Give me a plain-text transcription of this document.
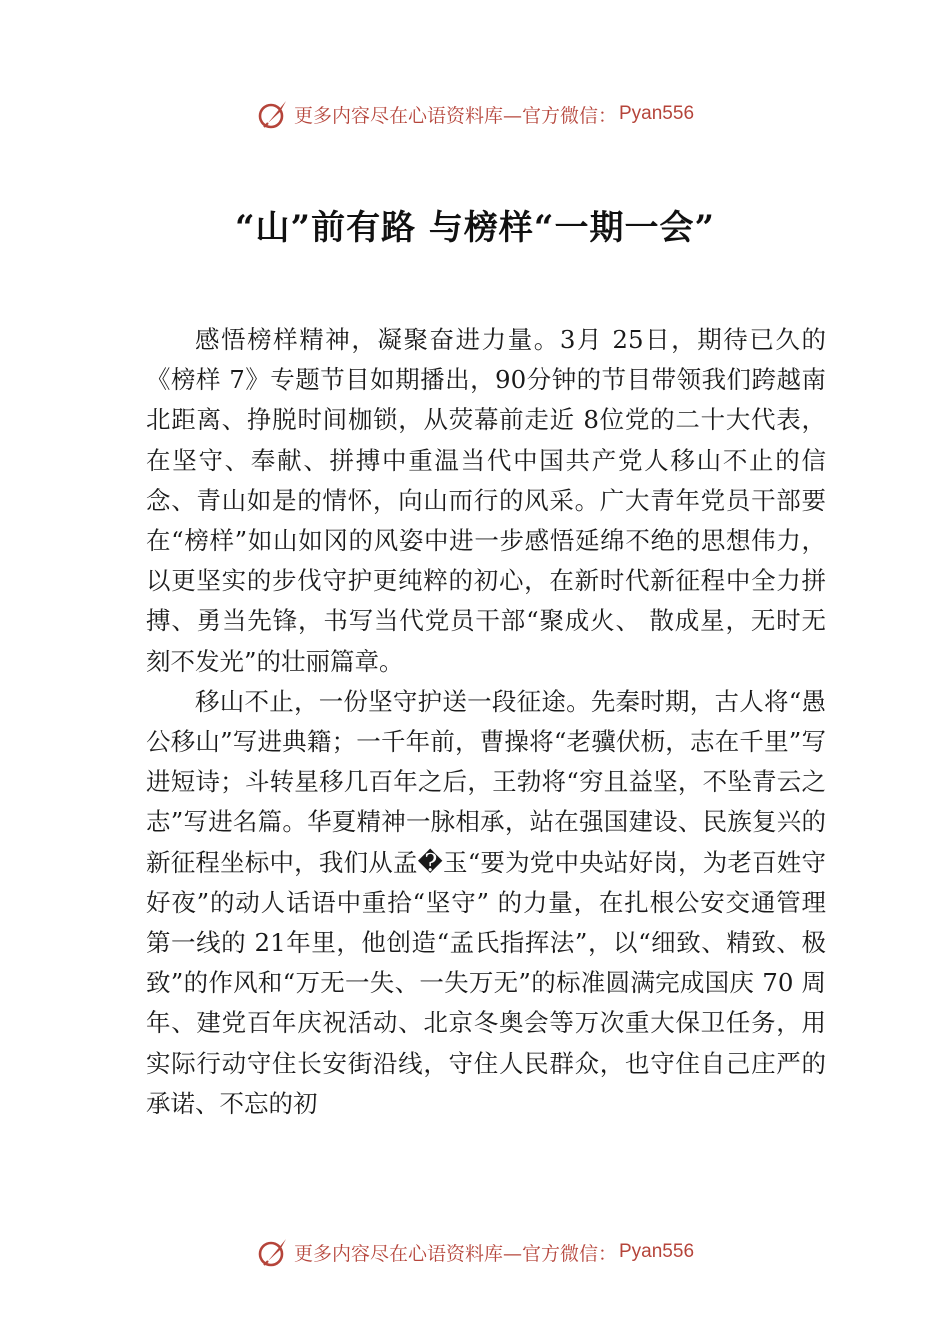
更多内容尽在心语资料库—官方微信： Pyan556
“山”前有路 与榜样“一期一会”

感悟榜样精神，凝聚奋进力量。3月 25日，期待已久的《榜样 7》专题节目如期播出，90分钟的节目带领我们跨越南北距离、挣脱时间枷锁，从荧幕前走近 8位党的二十大代表，在坚守、奉献、拼搏中重温当代中国共产党人移山不止的信念、青山如是的情怀，向山而行的风采。广大青年党员干部要在“榜样”如山如冈的风姿中进一步感悟延绵不绝的思想伟力，以更坚实的步伐守护更纯粹的初心，在新时代新征程中全力拼搏、勇当先锋，书写当代党员干部“聚成火、 散成星，无时无刻不发光”的壮丽篇章。

移山不止，一份坚守护送一段征途。先秦时期，古人将“愚公移山”写进典籍；一千年前，曹操将“老骥伏枥，志在千里”写进短诗；斗转星移几百年之后，王勃将“穷且益坚，不坠青云之志”写进名篇。华夏精神一脉相承，站在强国建设、民族复兴的新征程坐标中，我们从孟�玉“要为党中央站好岗，为老百姓守好夜”的动人话语中重拾“坚守” 的力量，在扎根公安交通管理第一线的 21年里，他创造“孟氏指挥法”，以“细致、精致、极致”的作风和“万无一失、一失万无”的标准圆满完成国庆 70 周年、建党百年庆祝活动、北京冬奥会等万次重大保卫任务，用实际行动守住长安街沿线，守住人民群众，也守住自己庄严的承诺、不忘的初

更多内容尽在心语资料库—官方微信： Pyan556
